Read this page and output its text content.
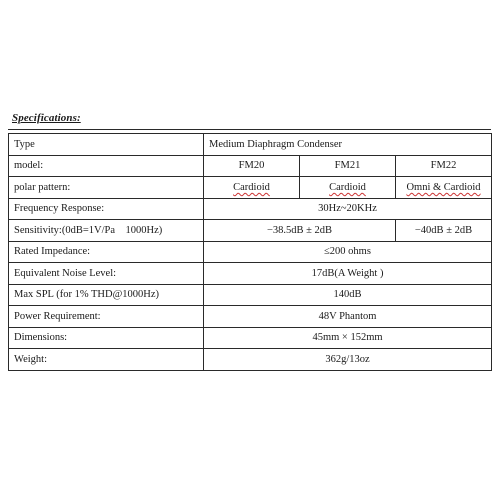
Specifications:
Type	Medium Diaphragm Condenser		
model:	FM20	FM21	FM22
polar pattern:	Cardioid	Cardioid	Omni & Cardioid
Frequency Response:	30Hz~20KHz		
Sensitivity:(0dB=1V/Pa    1000Hz)	−38.5dB ± 2dB		−40dB ± 2dB
Rated Impedance:	≤200 ohms		
Equivalent Noise Level:	17dB(A Weight )		
Max SPL (for 1% THD@1000Hz)	140dB		
Power Requirement:	48V Phantom		
Dimensions:	45mm × 152mm		
Weight:	362g/13oz		
